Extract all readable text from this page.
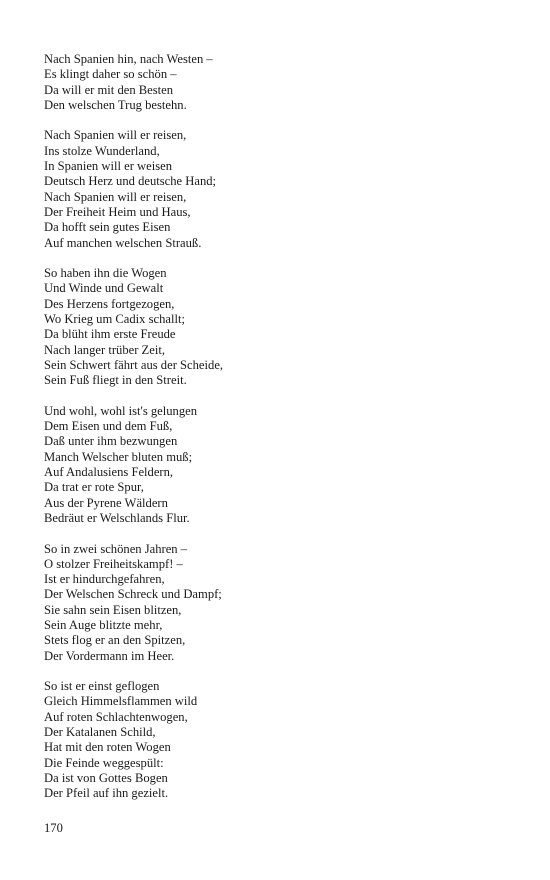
Nach Spanien hin, nach Westen –
Es klingt daher so schön –
Da will er mit den Besten
Den welschen Trug bestehn.
Nach Spanien will er reisen,
Ins stolze Wunderland,
In Spanien will er weisen
Deutsch Herz und deutsche Hand;
Nach Spanien will er reisen,
Der Freiheit Heim und Haus,
Da hofft sein gutes Eisen
Auf manchen welschen Strauß.
So haben ihn die Wogen
Und Winde und Gewalt
Des Herzens fortgezogen,
Wo Krieg um Cadix schallt;
Da blüht ihm erste Freude
Nach langer trüber Zeit,
Sein Schwert fährt aus der Scheide,
Sein Fuß fliegt in den Streit.
Und wohl, wohl ist's gelungen
Dem Eisen und dem Fuß,
Daß unter ihm bezwungen
Manch Welscher bluten muß;
Auf Andalusiens Feldern,
Da trat er rote Spur,
Aus der Pyrene Wäldern
Bedräut er Welschlands Flur.
So in zwei schönen Jahren –
O stolzer Freiheitskampf! –
Ist er hindurchgefahren,
Der Welschen Schreck und Dampf;
Sie sahn sein Eisen blitzen,
Sein Auge blitzte mehr,
Stets flog er an den Spitzen,
Der Vordermann im Heer.
So ist er einst geflogen
Gleich Himmelsflammen wild
Auf roten Schlachtenwogen,
Der Katalanen Schild,
Hat mit den roten Wogen
Die Feinde weggespült:
Da ist von Gottes Bogen
Der Pfeil auf ihn gezielt.
170
